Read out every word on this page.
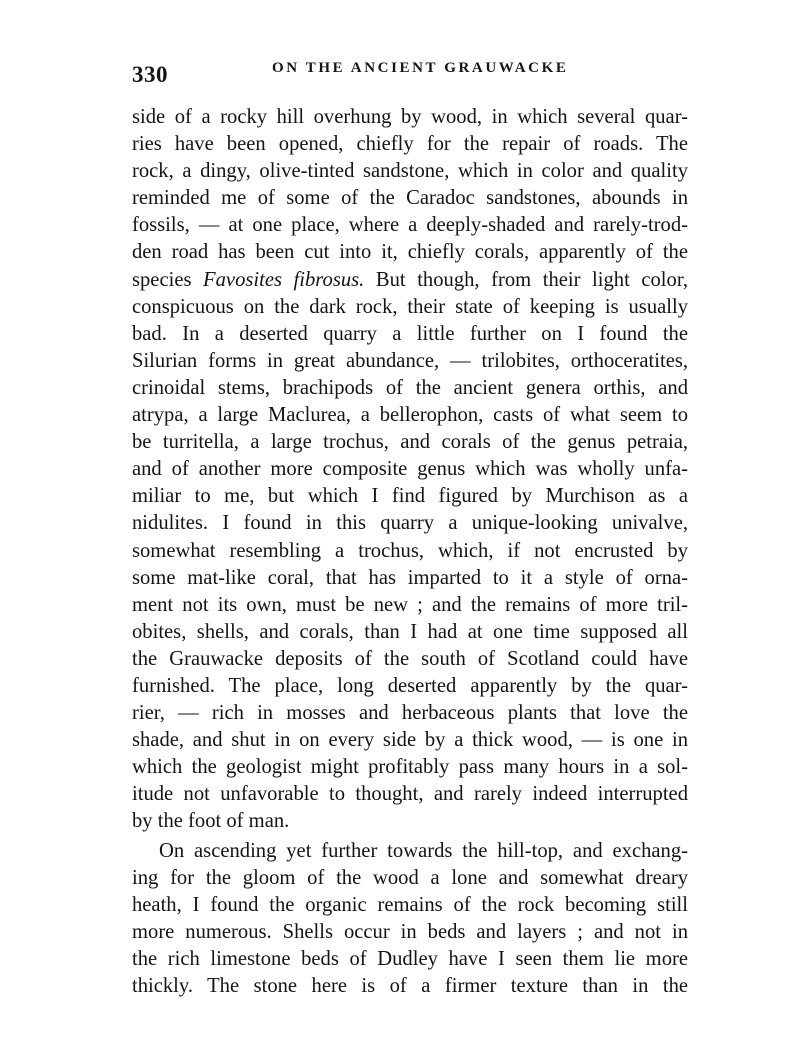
330	ON THE ANCIENT GRAUWACKE
side of a rocky hill overhung by wood, in which several quar-
ries have been opened, chiefly for the repair of roads. The
rock, a dingy, olive-tinted sandstone, which in color and quality
reminded me of some of the Caradoc sandstones, abounds in
fossils, — at one place, where a deeply-shaded and rarely-trod-
den road has been cut into it, chiefly corals, apparently of the
species Favosites fibrosus. But though, from their light color,
conspicuous on the dark rock, their state of keeping is usually
bad. In a deserted quarry a little further on I found the
Silurian forms in great abundance, — trilobites, orthoceratites,
crinoidal stems, brachipods of the ancient genera orthis, and
atrypa, a large Maclurea, a bellerophon, casts of what seem to
be turritella, a large trochus, and corals of the genus petraia,
and of another more composite genus which was wholly unfa-
miliar to me, but which I find figured by Murchison as a
nidulites. I found in this quarry a unique-looking univalve,
somewhat resembling a trochus, which, if not encrusted by
some mat-like coral, that has imparted to it a style of orna-
ment not its own, must be new ; and the remains of more tril-
obites, shells, and corals, than I had at one time supposed all
the Grauwacke deposits of the south of Scotland could have
furnished. The place, long deserted apparently by the quar-
rier, — rich in mosses and herbaceous plants that love the
shade, and shut in on every side by a thick wood, — is one in
which the geologist might profitably pass many hours in a sol-
itude not unfavorable to thought, and rarely indeed interrupted
by the foot of man.
On ascending yet further towards the hill-top, and exchang-
ing for the gloom of the wood a lone and somewhat dreary
heath, I found the organic remains of the rock becoming still
more numerous. Shells occur in beds and layers ; and not in
the rich limestone beds of Dudley have I seen them lie more
thickly. The stone here is of a firmer texture than in the
